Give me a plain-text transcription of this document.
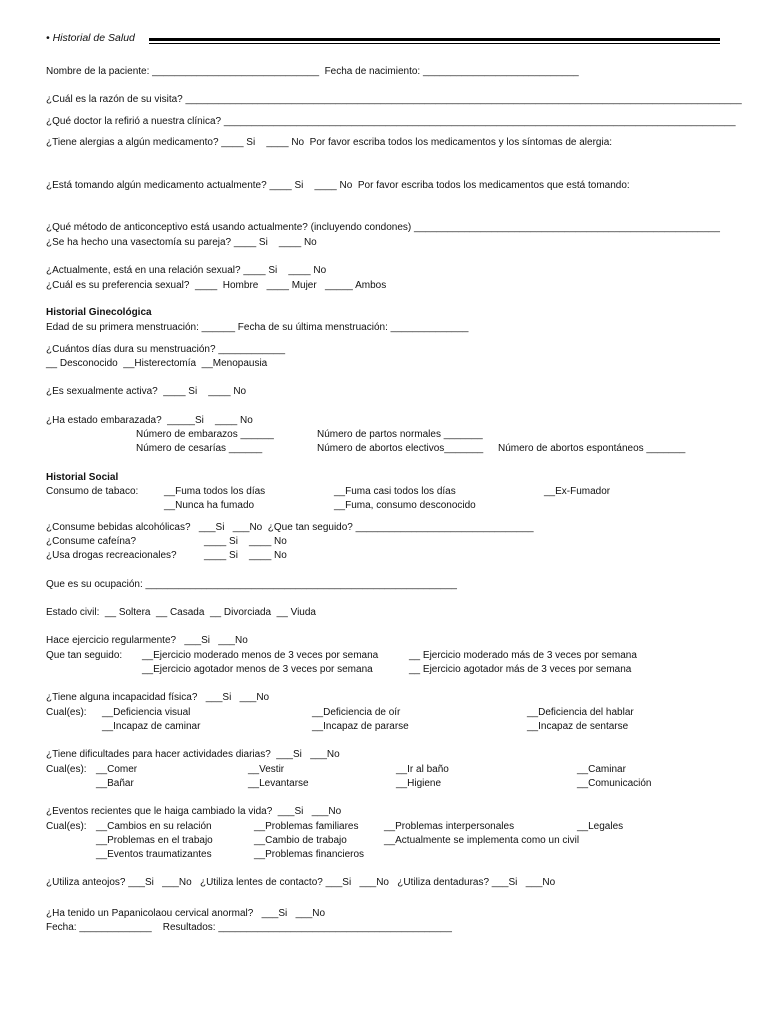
• Historial de Salud
Nombre de la paciente: ______________________________  Fecha de nacimiento: ____________________________
¿Cuál es la razón de su visita? ____________________________________________________________________________________________________
¿Qué doctor la refirió a nuestra clínica? ____________________________________________________________________________________________
¿Tiene alergias a algún medicamento? ____ Si    ____ No  Por favor escriba todos los medicamentos y los síntomas de alergia:
¿Está tomando algún medicamento actualmente? ____ Si    ____ No  Por favor escriba todos los medicamentos que está tomando:
¿Qué método de anticonceptivo está usando actualmente? (incluyendo condones) _______________________________________________________
¿Se ha hecho una vasectomía su pareja? ____ Si    ____ No
¿Actualmente, está en una relación sexual? ____ Si    ____ No
¿Cuál es su preferencia sexual?  ____  Hombre   ____ Mujer   _____ Ambos
Historial Ginecológica
Edad de su primera menstruación: ______ Fecha de su última menstruación: ______________
¿Cuántos días dura su menstruación? ____________
__ Desconocido  __Histerectomía  __Menopausia
¿Es sexualmente activa?  ____ Si    ____ No
¿Ha estado embarazada?  _____Si    ____ No
Número de embarazos ______	Número de partos normales _______
Número de cesarías ______	Número de abortos electivos_______ Número de abortos espontáneos _______
Historial Social
Consumo de tabaco:	__Fuma todos los días	__Fuma casi todos los días	__Ex-Fumador
__Nunca ha fumado	__Fuma, consumo desconocido
¿Consume bebidas alcohólicas?   ___Si   ___No  ¿Que tan seguido? ________________________________
¿Consume cafeína?	____ Si    ____ No
¿Usa drogas recreacionales?	____ Si    ____ No
Que es su ocupación: ________________________________________________________
Estado civil:  __ Soltera  __ Casada  __ Divorciada  __ Viuda
Hace ejercicio regularmente?   ___Si   ___No
Que tan seguido: __Ejercicio moderado menos de 3 veces por semana	__ Ejercicio moderado más de 3 veces por semana
__Ejercicio agotador menos de 3 veces por semana	__ Ejercicio agotador más de 3 veces por semana
¿Tiene alguna incapacidad física?   ___Si   ___No
Cual(es): __Deficiencia visual	__Deficiencia de oír	__Deficiencia del hablar
__Incapaz de caminar	__Incapaz de pararse	__Incapaz de sentarse
¿Tiene dificultades para hacer actividades diarias?  ___Si   ___No
Cual(es): __Comer	__Vestir	__Ir al baño	__Caminar
__Bañar	__Levantarse	__Higiene	__Comunicación
¿Eventos recientes que le haiga cambiado la vida?  ___Si   ___No
Cual(es): __Cambios en su relación	__Problemas familiares	__Problemas interpersonales	__Legales
__Problemas en el trabajo	__Cambio de trabajo	__Actualmente se implementa como un civil
__Eventos traumatizantes	__Problemas financieros
¿Utiliza anteojos? ___Si   ___No   ¿Utiliza lentes de contacto? ___Si   ___No   ¿Utiliza dentaduras? ___Si   ___No
¿Ha tenido un Papanicolaou cervical anormal?   ___Si   ___No
Fecha: _____________    Resultados: __________________________________________
